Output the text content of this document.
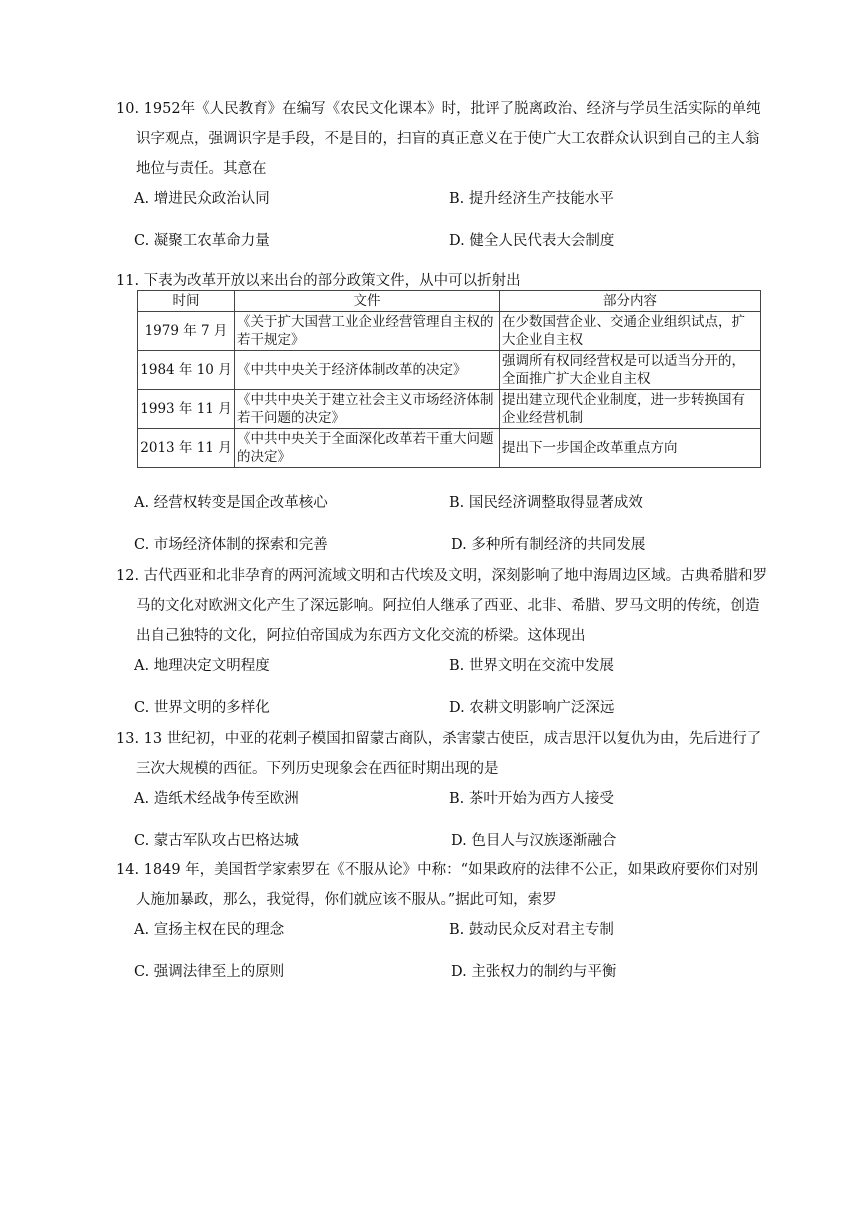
10. 1952年《人民教育》在编写《农民文化课本》时，批评了脱离政治、经济与学员生活实际的单纯识字观点，强调识字是手段，不是目的，扫盲的真正意义在于使广大工农群众认识到自己的主人翁地位与责任。其意在

A. 增进民众政治认同	B. 提升经济生产技能水平
C. 凝聚工农革命力量	D. 健全人民代表大会制度

11. 下表为改革开放以来出台的部分政策文件，从中可以折射出

时间	文件	部分内容
1979 年 7 月	《关于扩大国营工业企业经营管理自主权的若干规定》	在少数国营企业、交通企业组织试点，扩大企业自主权
1984 年 10 月	《中共中央关于经济体制改革的决定》	强调所有权同经营权是可以适当分开的，全面推广扩大企业自主权
1993 年 11 月	《中共中央关于建立社会主义市场经济体制若干问题的决定》	提出建立现代企业制度，进一步转换国有企业经营机制
2013 年 11 月	《中共中央关于全面深化改革若干重大问题的决定》	提出下一步国企改革重点方向
A. 经营权转变是国企改革核心	B. 国民经济调整取得显著成效
C. 市场经济体制的探索和完善	D. 多种所有制经济的共同发展

12. 古代西亚和北非孕育的两河流域文明和古代埃及文明，深刻影响了地中海周边区域。古典希腊和罗马的文化对欧洲文化产生了深远影响。阿拉伯人继承了西亚、北非、希腊、罗马文明的传统，创造出自己独特的文化，阿拉伯帝国成为东西方文化交流的桥梁。这体现出

A. 地理决定文明程度	B. 世界文明在交流中发展
C. 世界文明的多样化	D. 农耕文明影响广泛深远

13. 13 世纪初，中亚的花剌子模国扣留蒙古商队，杀害蒙古使臣，成吉思汗以复仇为由，先后进行了三次大规模的西征。下列历史现象会在西征时期出现的是

A. 造纸术经战争传至欧洲	B. 茶叶开始为西方人接受
C. 蒙古军队攻占巴格达城	D. 色目人与汉族逐渐融合

14. 1849 年，美国哲学家索罗在《不服从论》中称：“如果政府的法律不公正，如果政府要你们对别人施加暴政，那么，我觉得，你们就应该不服从。”据此可知，索罗

A. 宣扬主权在民的理念	B. 鼓动民众反对君主专制
C. 强调法律至上的原则	D. 主张权力的制约与平衡
